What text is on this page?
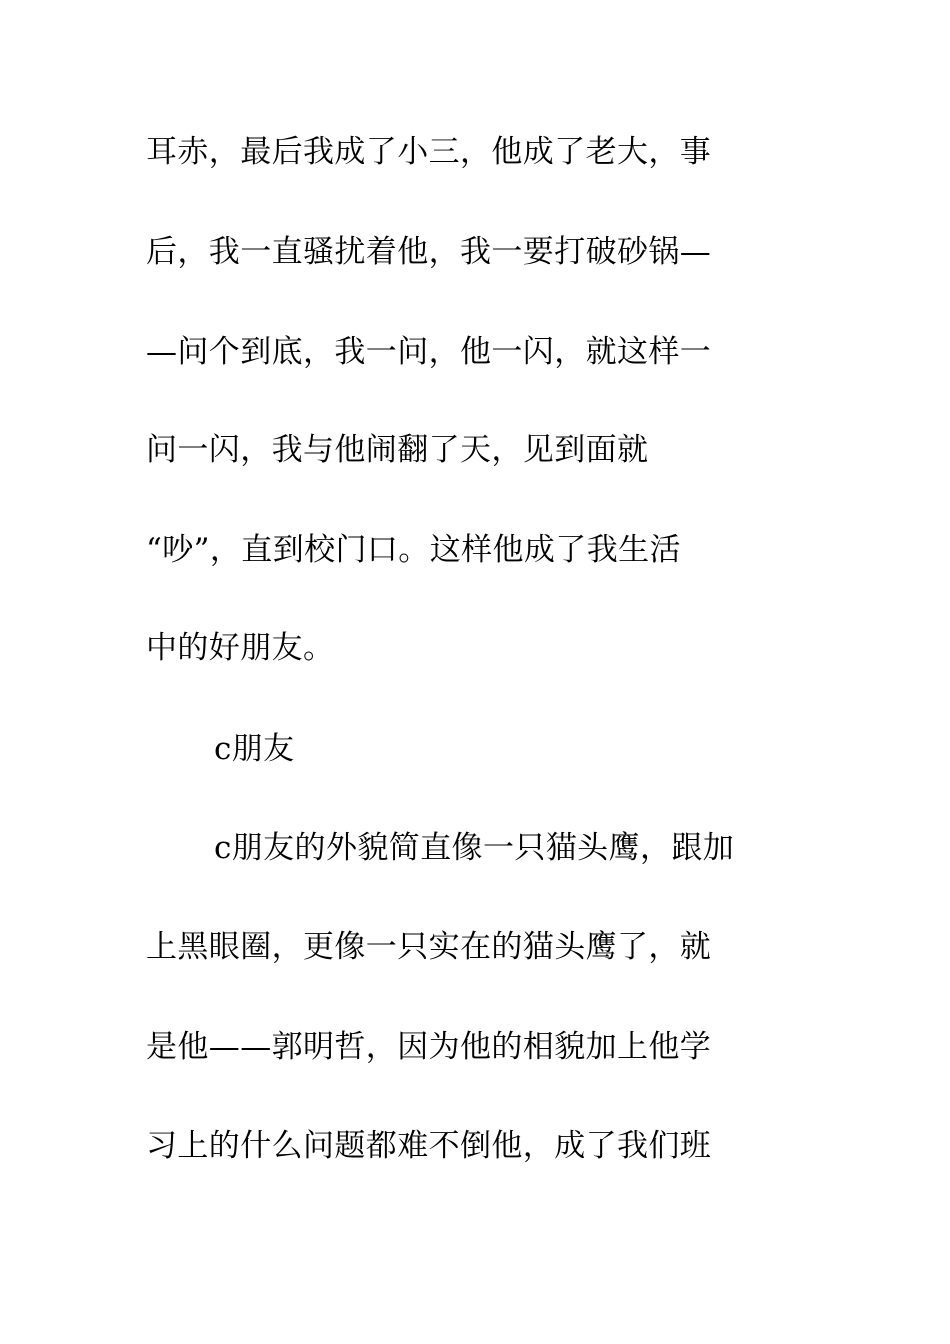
耳赤，最后我成了小三，他成了老大，事
后，我一直骚扰着他，我一要打破砂锅—
—问个到底，我一问，他一闪，就这样一
问一闪，我与他闹翻了天，见到面就
“吵”，直到校门口。这样他成了我生活
中的好朋友。
c朋友
c朋友的外貌简直像一只猫头鹰，跟加
上黑眼圈，更像一只实在的猫头鹰了，就
是他——郭明哲，因为他的相貌加上他学
习上的什么问题都难不倒他，成了我们班
